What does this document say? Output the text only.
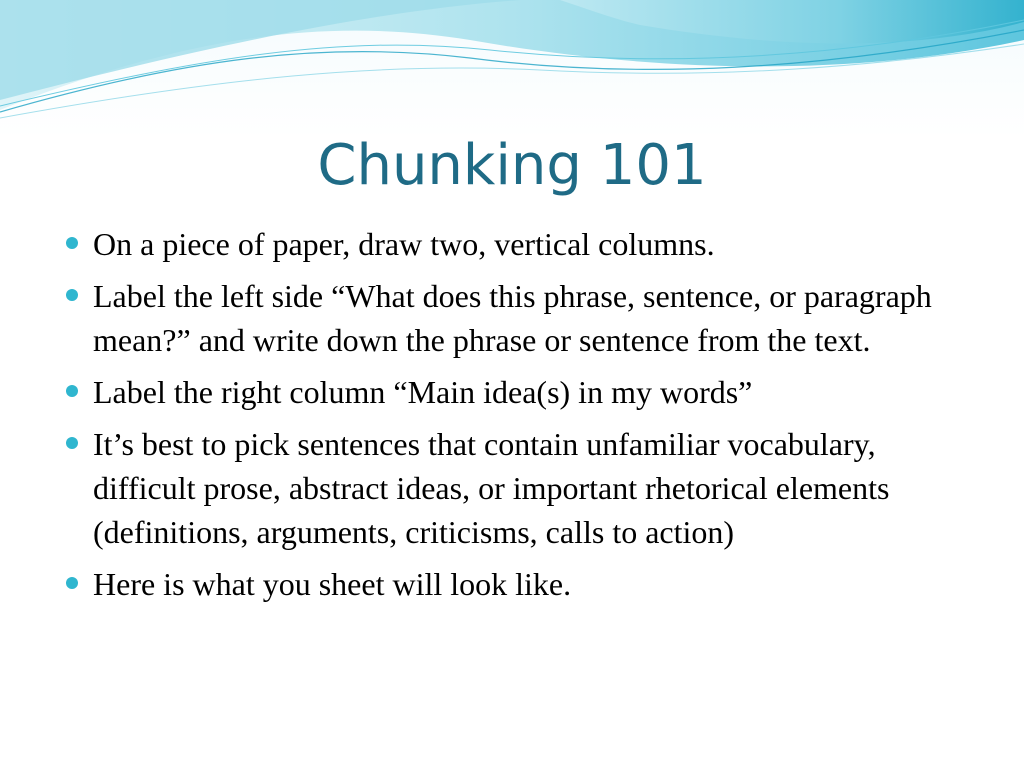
Chunking 101
On a piece of paper, draw two, vertical columns.
Label the left side “What does this phrase, sentence, or paragraph mean?” and write down the phrase or sentence from the text.
Label the right column “Main idea(s) in my words”
It’s best to pick sentences that contain unfamiliar vocabulary, difficult prose, abstract ideas, or important rhetorical elements (definitions, arguments, criticisms, calls to action)
Here is what you sheet will look like.
